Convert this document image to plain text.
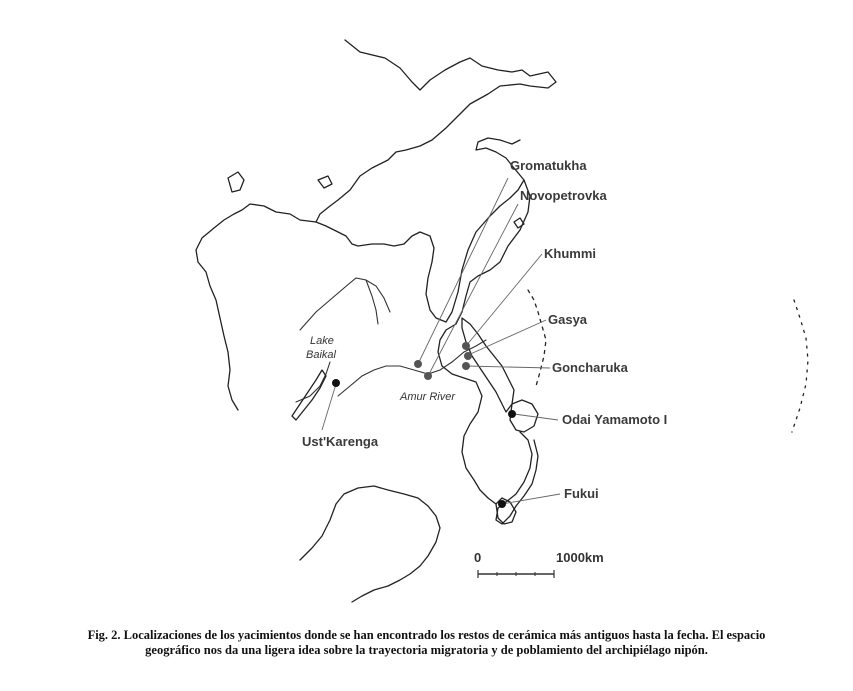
Gromatukha
Novopetrovka
Khummi
Gasya
Goncharuka
Odai Yamamoto I
Fukui
Ust'Karenga
Lake
Baikal
Amur River
0	1000km
Fig. 2. Localizaciones de los yacimientos donde se han encontrado los restos de cerámica más antiguos hasta la fecha. El espacio geográfico nos da una ligera idea sobre la trayectoria migratoria y de poblamiento del archipiélago nipón.
